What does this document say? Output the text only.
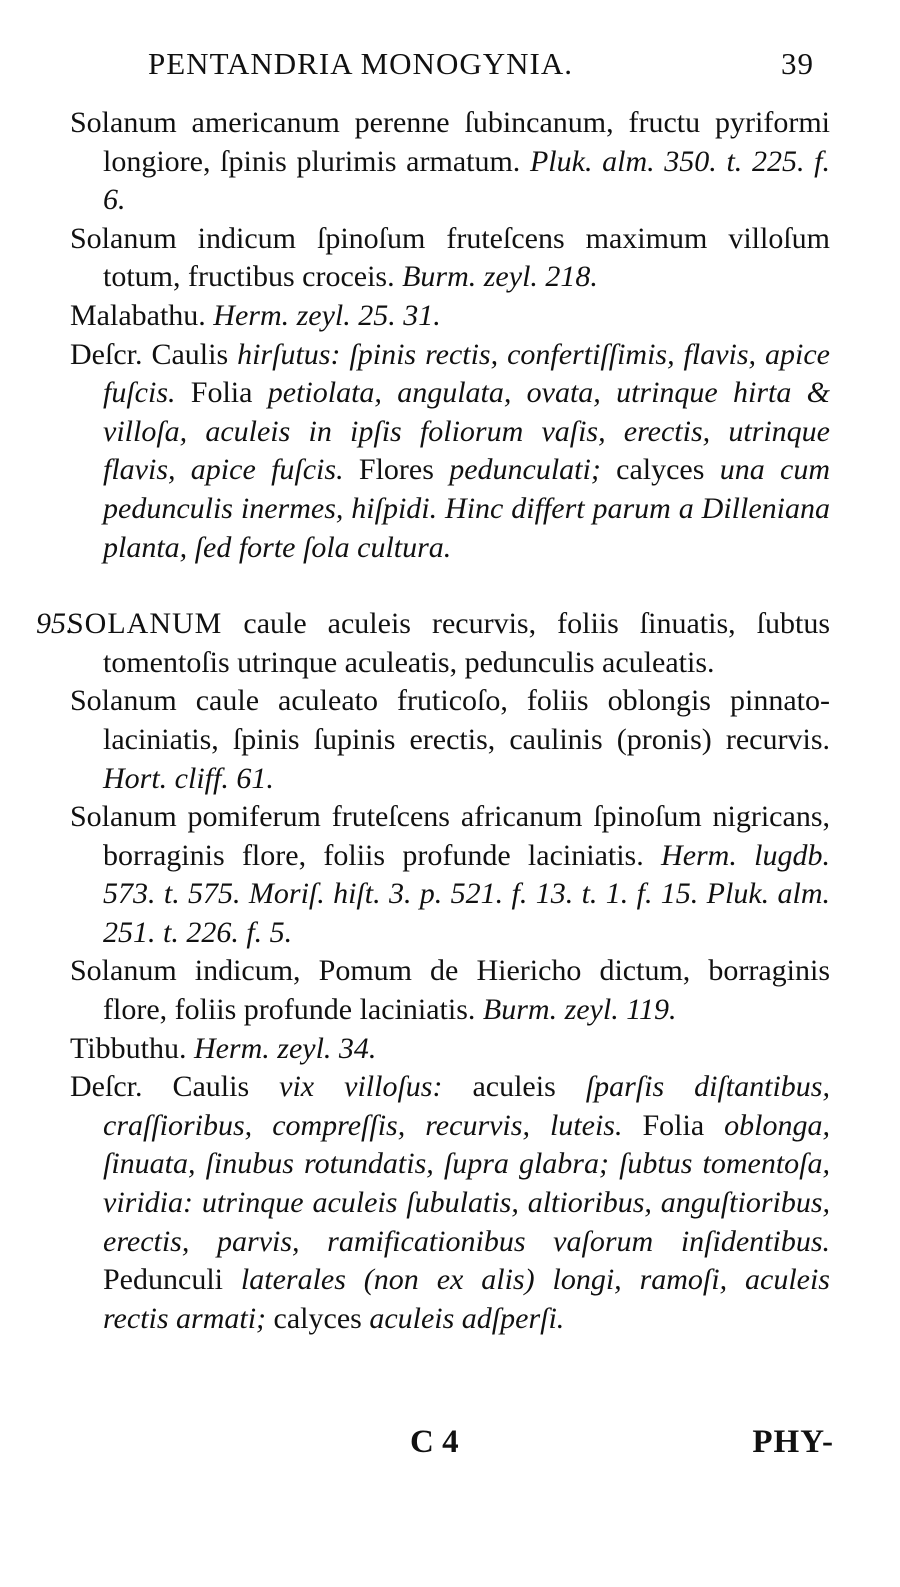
PENTANDRIA MONOGYNIA.	39

Solanum americanum perenne ſubincanum, fructu pyriformi longiore, ſpinis plurimis armatum. Pluk. alm. 350. t. 225. f. 6.

Solanum indicum ſpinoſum fruteſcens maximum villoſum totum, fructibus croceis. Burm. zeyl. 218.

Malabathu. Herm. zeyl. 25. 31.

Deſcr. Caulis hirſutus: ſpinis rectis, confertiſſimis, flavis, apice fuſcis. Folia petiolata, angulata, ovata, utrinque hirta & villoſa, aculeis in ipſis foliorum vaſis, erectis, utrinque flavis, apice fuſcis. Flores pedunculati; calyces una cum pedunculis inermes, hiſpidi. Hinc differt parum a Dilleniana planta, ſed forte ſola cultura.

95.SOLANUM caule aculeis recurvis, foliis ſinuatis, ſubtus tomentoſis utrinque aculeatis, pedunculis aculeatis.

Solanum caule aculeato fruticoſo, foliis oblongis pinnato-laciniatis, ſpinis ſupinis erectis, caulinis (pronis) recurvis. Hort. cliff. 61.

Solanum pomiferum fruteſcens africanum ſpinoſum nigricans, borraginis flore, foliis profunde laciniatis. Herm. lugdb. 573. t. 575. Moriſ. hiſt. 3. p. 521. f. 13. t. 1. f. 15. Pluk. alm. 251. t. 226. f. 5.

Solanum indicum, Pomum de Hiericho dictum, borraginis flore, foliis profunde laciniatis. Burm. zeyl. 119.

Tibbuthu. Herm. zeyl. 34.

Deſcr. Caulis vix villoſus: aculeis ſparſis diſtantibus, craſſioribus, compreſſis, recurvis, luteis. Folia oblonga, ſinuata, ſinubus rotundatis, ſupra glabra; ſubtus tomentoſa, viridia: utrinque aculeis ſubulatis, altioribus, anguſtioribus, erectis, parvis, ramificationibus vaſorum inſidentibus. Pedunculi laterales (non ex alis) longi, ramoſi, aculeis rectis armati; calyces aculeis adſperſi.

C 4	PHY-
